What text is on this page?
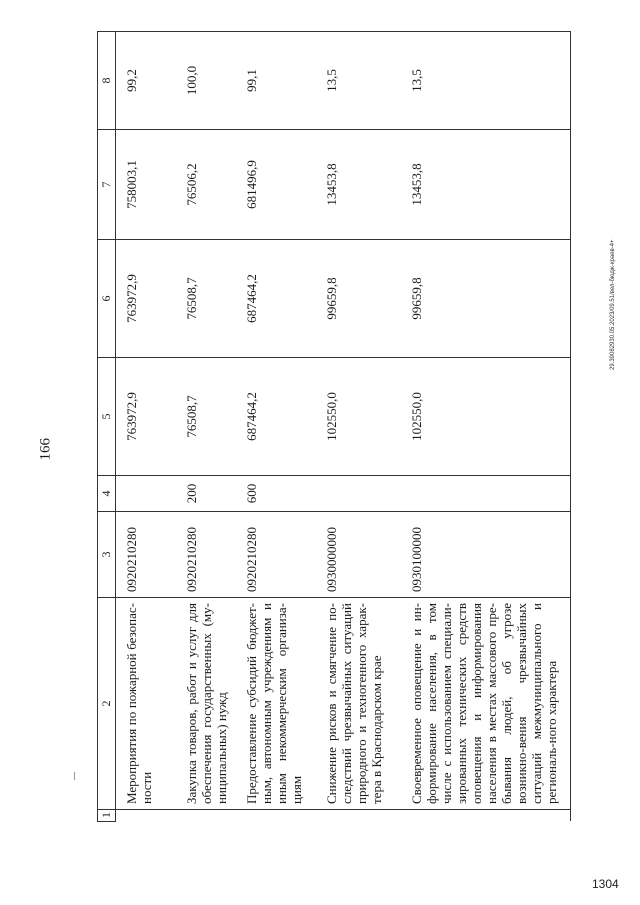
166
29.39082930.05.2023/09.51/вел-бюдж-краев-4+
1304
1	2	3	4	5	6	7	8
	Мероприятия по пожарной безопас-ности	0920210280		763972,9	763972,9	758003,1	99,2
	Закупка товаров, работ и услуг для обеспечения государственных (му-ниципальных) нужд	0920210280	200	76508,7	76508,7	76506,2	100,0
	Предоставление субсидий бюджет-ным, автономным учреждениям и иным некоммерческим организа-циям	0920210280	600	687464,2	687464,2	681496,9	99,1
	Снижение рисков и смягчение по-следствий чрезвычайных ситуаций природного и техногенного харак-тера в Краснодарском крае	0930000000		102550,0	99659,8	13453,8	13,5
	Своевременное оповещение и ин-формирование населения, в том числе с использованием специали-зированных технических средств оповещения и информирования населения в местах массового пре-бывания людей, об угрозе возникно-вения чрезвычайных ситуаций межмуниципального и региональ-ного характера	0930100000		102550,0	99659,8	13453,8	13,5
